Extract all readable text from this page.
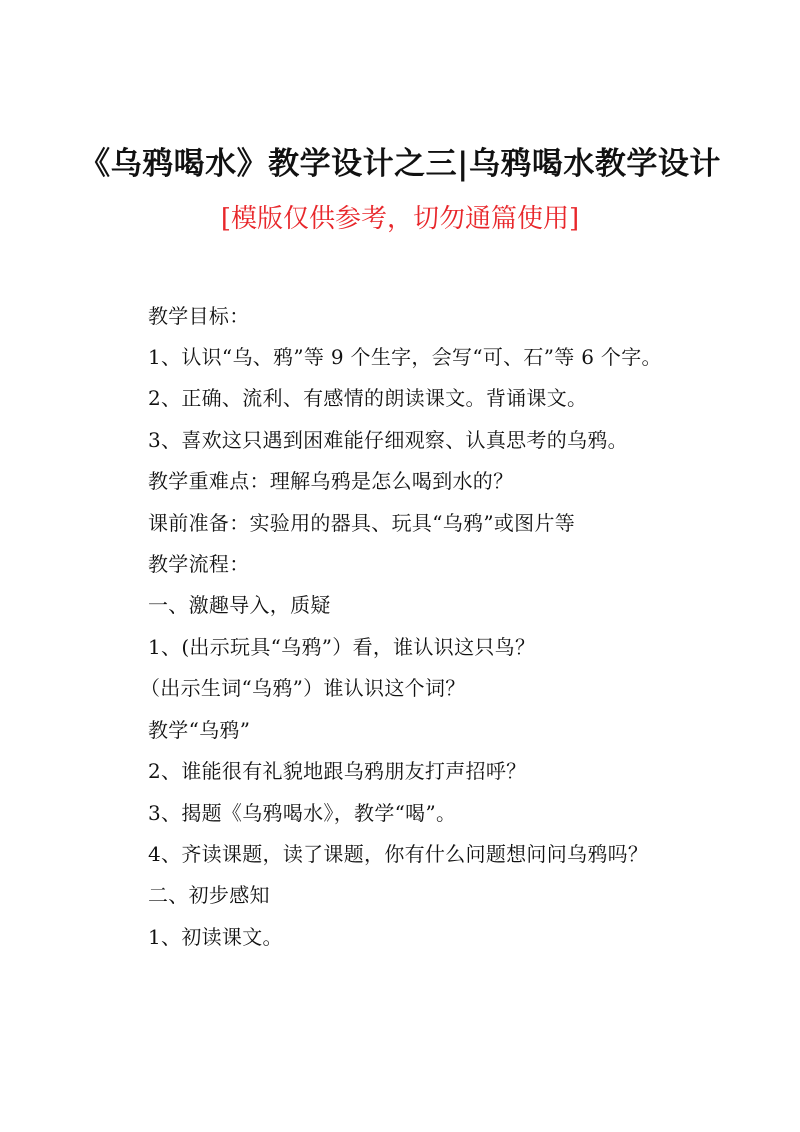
《乌鸦喝水》教学设计之三|乌鸦喝水教学设计
[模版仅供参考，切勿通篇使用]
教学目标：
1、认识“乌、鸦”等 9 个生字，会写“可、石”等 6 个字。
2、正确、流利、有感情的朗读课文。背诵课文。
3、喜欢这只遇到困难能仔细观察、认真思考的乌鸦。
教学重难点：理解乌鸦是怎么喝到水的？
课前准备：实验用的器具、玩具“乌鸦”或图片等
教学流程：
一、激趣导入，质疑
1、(出示玩具“乌鸦”）看，谁认识这只鸟？
（出示生词“乌鸦”）谁认识这个词？
教学“乌鸦”
2、谁能很有礼貌地跟乌鸦朋友打声招呼？
3、揭题《乌鸦喝水》，教学“喝”。
4、齐读课题，读了课题，你有什么问题想问问乌鸦吗？
二、初步感知
1、初读课文。
